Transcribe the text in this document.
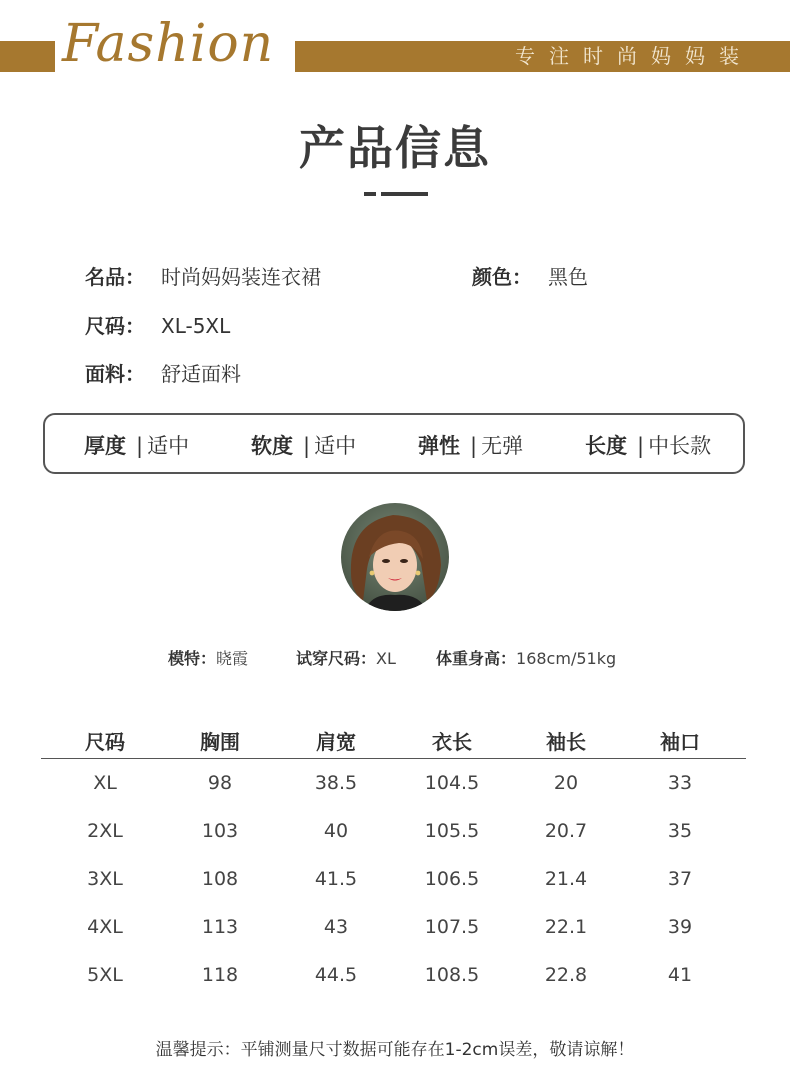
Fashion	专注时尚妈妈装
产品信息
名品： 时尚妈妈装连衣裙	颜色： 黑色
尺码： XL-5XL
面料： 舒适面料
厚度 | 适中	软度 | 适中	弹性 | 无弹	长度 | 中长款
模特：晓霞	试穿尺码：XL	体重身高：168cm/51kg
尺码	胸围	肩宽	衣长	袖长	袖口
XL	98	38.5	104.5	20	33
2XL	103	40	105.5	20.7	35
3XL	108	41.5	106.5	21.4	37
4XL	113	43	107.5	22.1	39
5XL	118	44.5	108.5	22.8	41
温馨提示：平铺测量尺寸数据可能存在1-2cm误差，敬请谅解！
